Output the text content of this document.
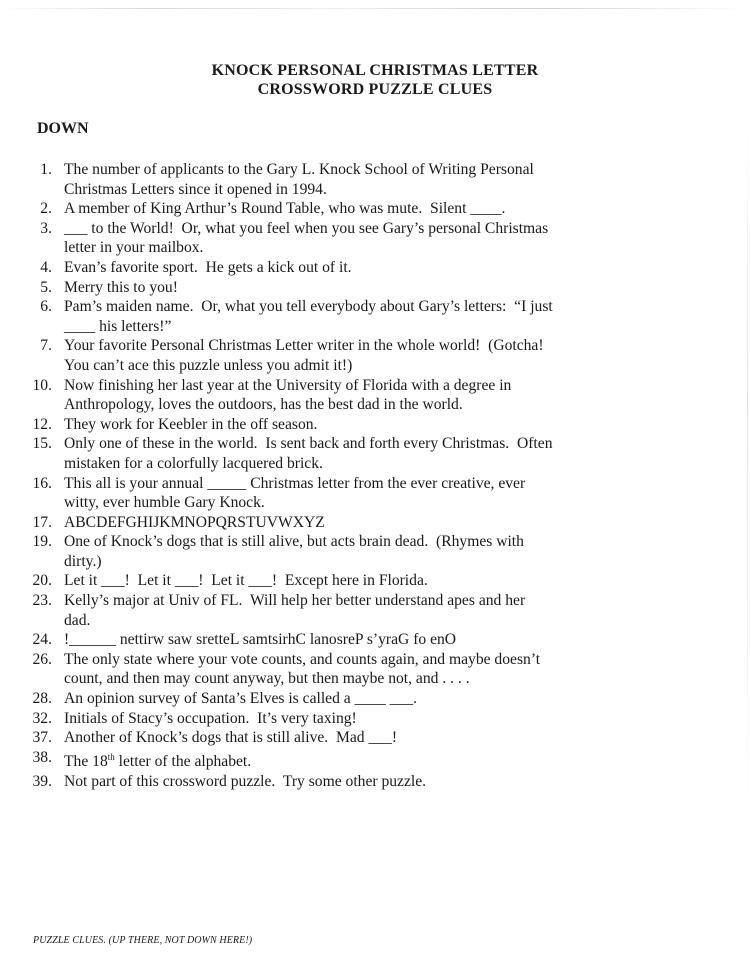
KNOCK PERSONAL CHRISTMAS LETTER
CROSSWORD PUZZLE CLUES
DOWN
1. The number of applicants to the Gary L. Knock School of Writing Personal
Christmas Letters since it opened in 1994.
2. A member of King Arthur’s Round Table, who was mute.  Silent ____.
3. ___ to the World!  Or, what you feel when you see Gary’s personal Christmas
letter in your mailbox.
4. Evan’s favorite sport.  He gets a kick out of it.
5. Merry this to you!
6. Pam’s maiden name.  Or, what you tell everybody about Gary’s letters:  “I just
____ his letters!”
7. Your favorite Personal Christmas Letter writer in the whole world!  (Gotcha!
You can’t ace this puzzle unless you admit it!)
10. Now finishing her last year at the University of Florida with a degree in
Anthropology, loves the outdoors, has the best dad in the world.
12. They work for Keebler in the off season.
15. Only one of these in the world.  Is sent back and forth every Christmas.  Often
mistaken for a colorfully lacquered brick.
16. This all is your annual _____ Christmas letter from the ever creative, ever
witty, ever humble Gary Knock.
17. ABCDEFGHIJKMNOPQRSTUVWXYZ
19. One of Knock’s dogs that is still alive, but acts brain dead.  (Rhymes with
dirty.)
20. Let it ___!  Let it ___!  Let it ___!  Except here in Florida.
23. Kelly’s major at Univ of FL.  Will help her better understand apes and her
dad.
24. !______ nettirw saw sretteL samtsirhC lanosreP s’yraG fo enO
26. The only state where your vote counts, and counts again, and maybe doesn’t
count, and then may count anyway, but then maybe not, and . . . .
28. An opinion survey of Santa’s Elves is called a ____ ___.
32. Initials of Stacy’s occupation.  It’s very taxing!
37. Another of Knock’s dogs that is still alive.  Mad ___!
38. The 18th letter of the alphabet.
39. Not part of this crossword puzzle.  Try some other puzzle.
PUZZLE CLUES. (UP THERE, NOT DOWN HERE!)
